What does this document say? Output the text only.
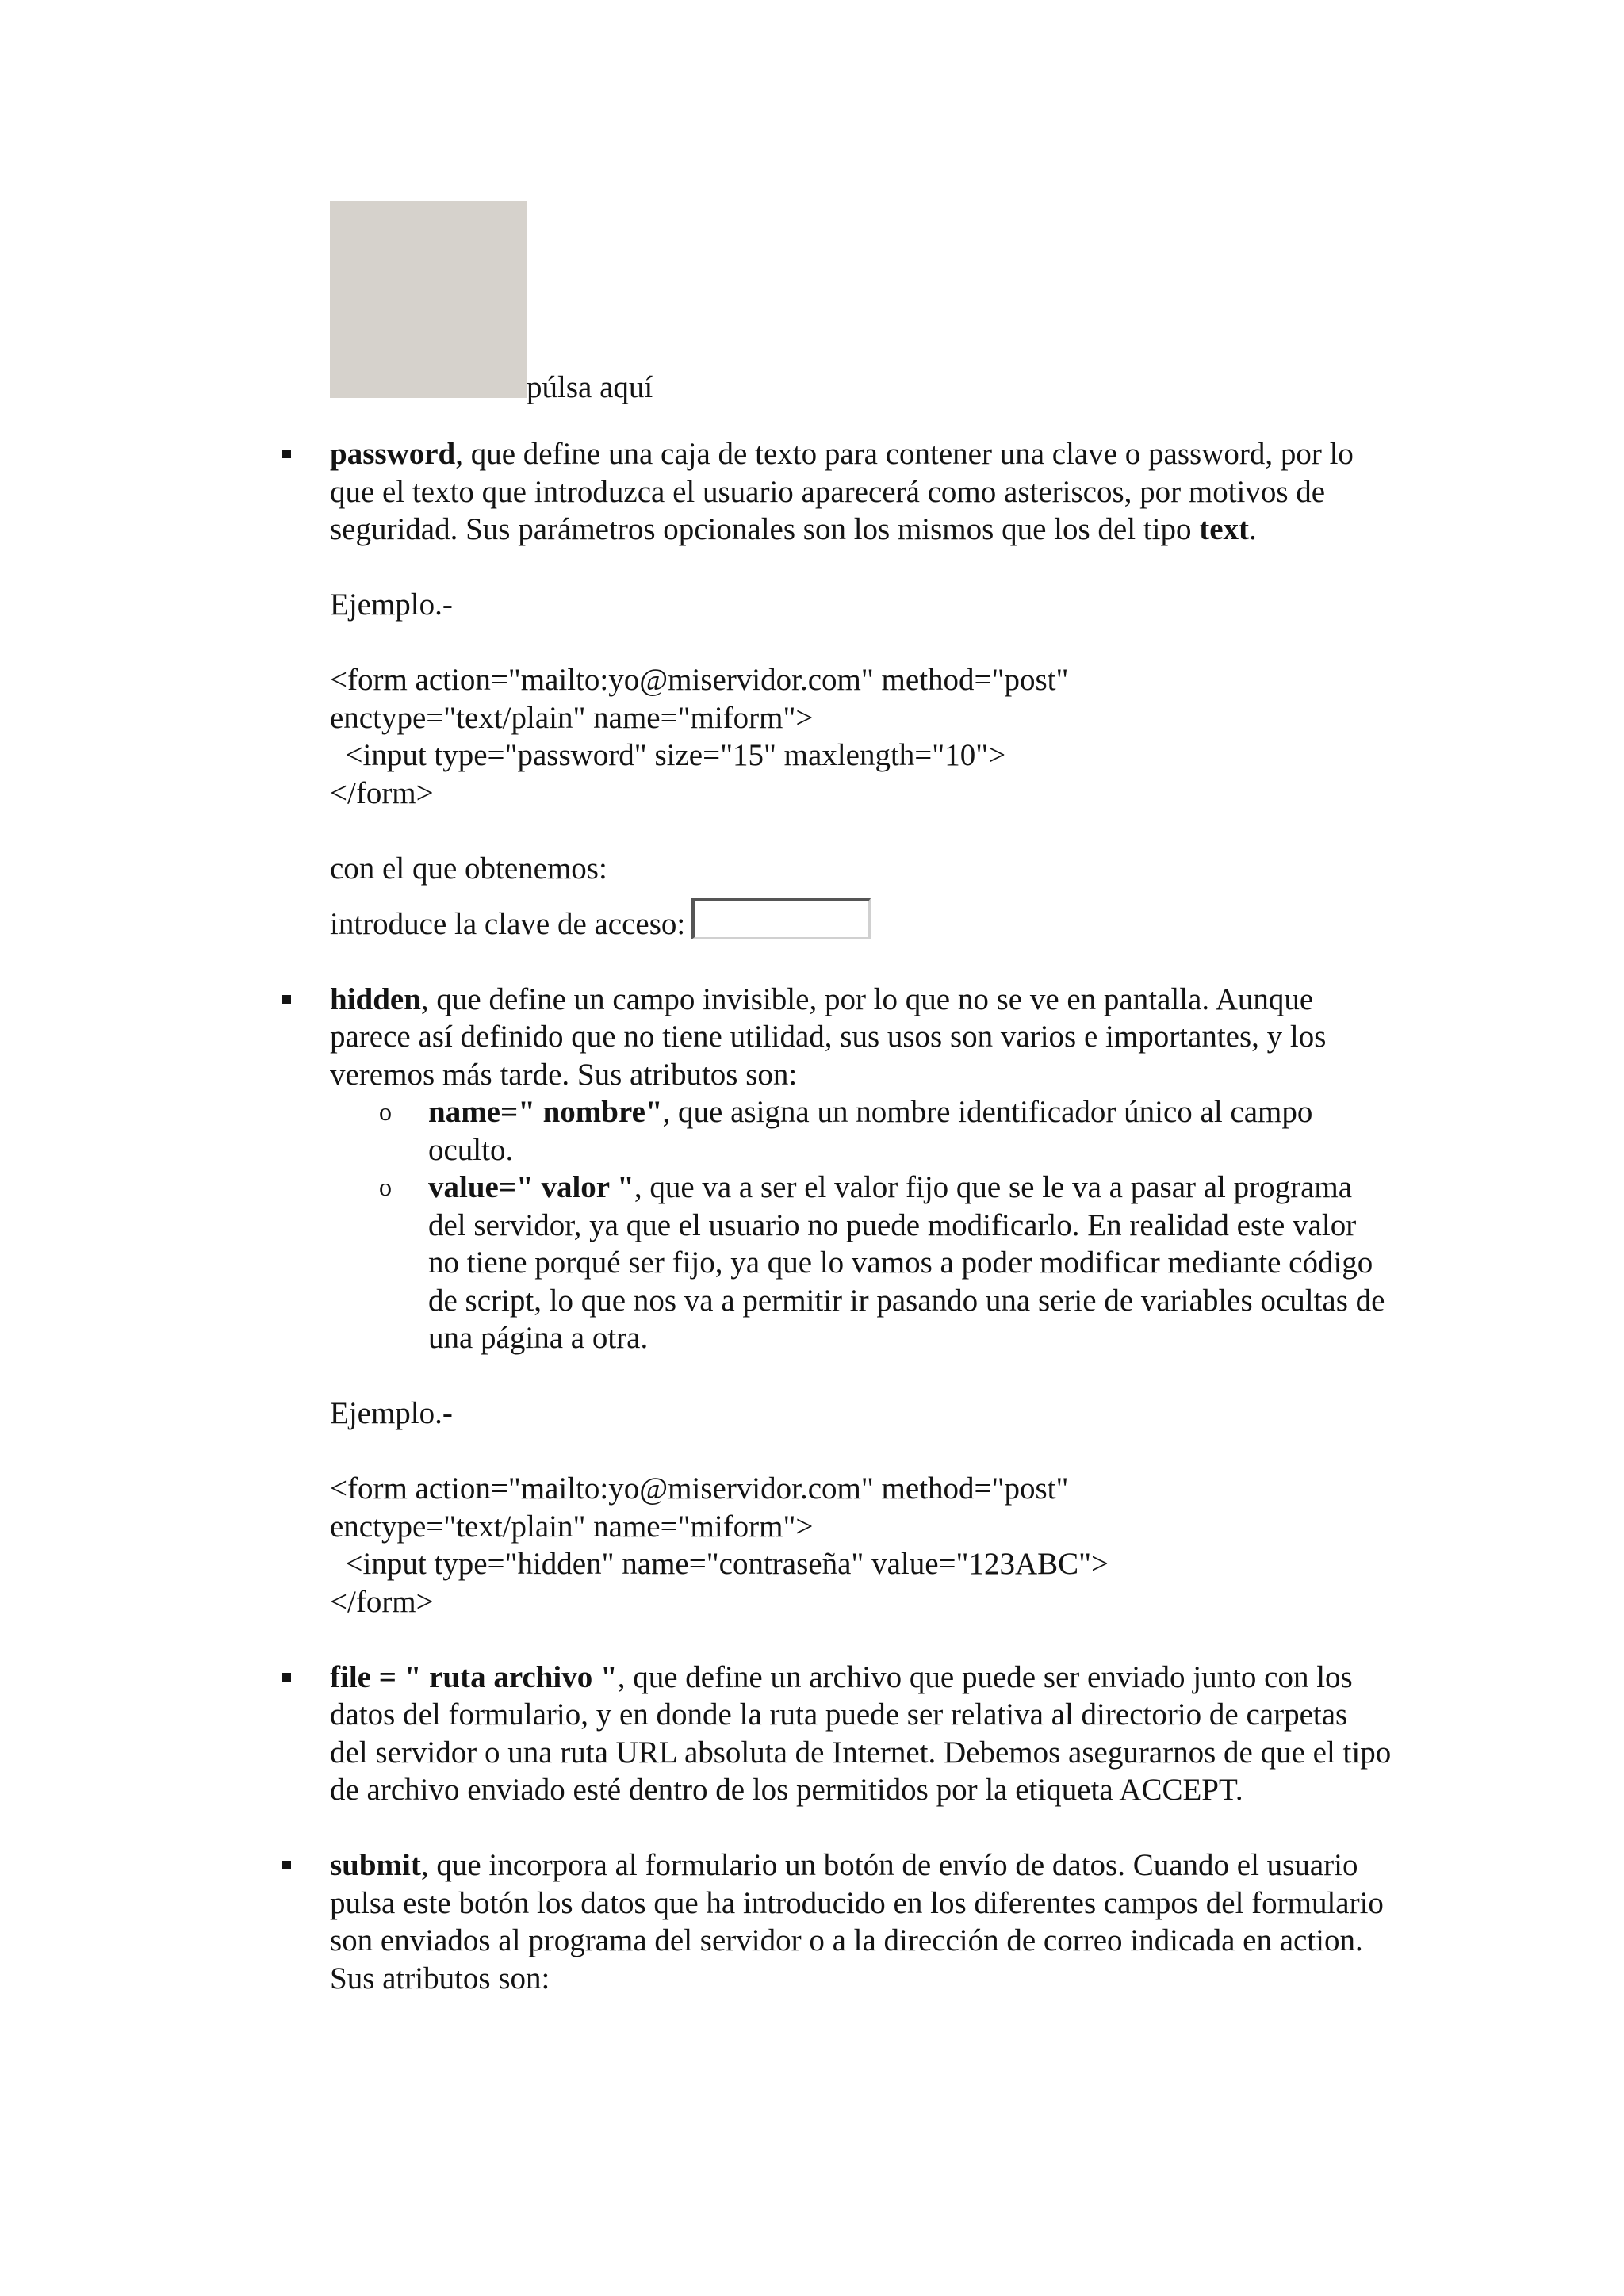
púlsa aquí

password, que define una caja de texto para contener una clave o password, por lo que el texto que introduzca el usuario aparecerá como asteriscos, por motivos de seguridad. Sus parámetros opcionales son los mismos que los del tipo text.

Ejemplo.-

<form action="mailto:yo@miservidor.com" method="post"
enctype="text/plain" name="miform">
<input type="password" size="15" maxlength="10">
</form>

con el que obtenemos:

introduce la clave de acceso:

hidden, que define un campo invisible, por lo que no se ve en pantalla. Aunque parece así definido que no tiene utilidad, sus usos son varios e importantes, y los veremos más tarde. Sus atributos son:

o name=" nombre", que asigna un nombre identificador único al campo oculto.

o value=" valor ", que va a ser el valor fijo que se le va a pasar al programa del servidor, ya que el usuario no puede modificarlo. En realidad este valor no tiene porqué ser fijo, ya que lo vamos a poder modificar mediante código de script, lo que nos va a permitir ir pasando una serie de variables ocultas de una página a otra.

Ejemplo.-

<form action="mailto:yo@miservidor.com" method="post"
enctype="text/plain" name="miform">
<input type="hidden" name="contraseña" value="123ABC">
</form>

file = " ruta archivo ", que define un archivo que puede ser enviado junto con los datos del formulario, y en donde la ruta puede ser relativa al directorio de carpetas del servidor o una ruta URL absoluta de Internet. Debemos asegurarnos de que el tipo de archivo enviado esté dentro de los permitidos por la etiqueta ACCEPT.

submit, que incorpora al formulario un botón de envío de datos. Cuando el usuario pulsa este botón los datos que ha introducido en los diferentes campos del formulario son enviados al programa del servidor o a la dirección de correo indicada en action. Sus atributos son:
